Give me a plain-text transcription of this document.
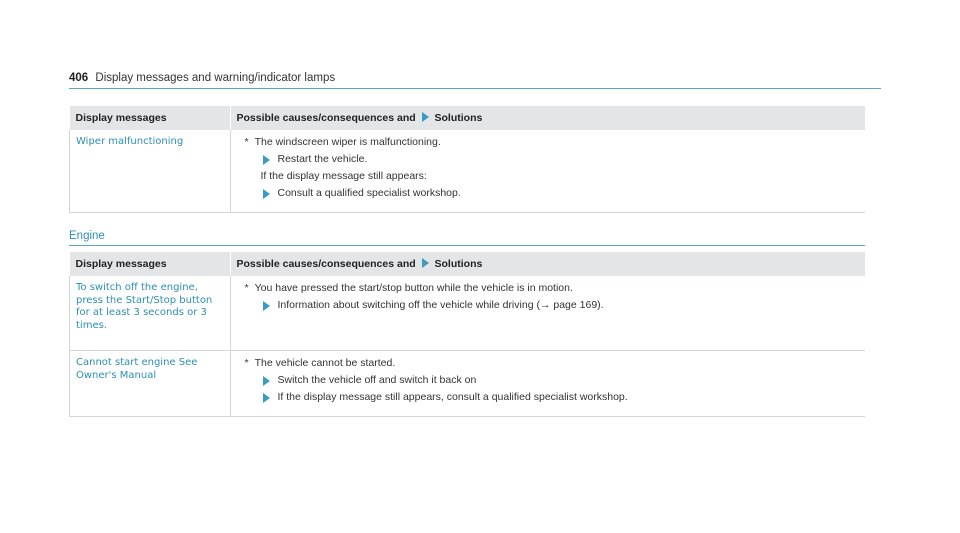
406 Display messages and warning/indicator lamps
Display messages	Possible causes/consequences and Solutions
Wiper malfunctioning	* The windscreen wiper is malfunctioning.
Restart the vehicle.
If the display message still appears:
Consult a qualified specialist workshop.
Engine
Display messages	Possible causes/consequences and Solutions
To switch off the engine, press the Start/Stop button for at least 3 seconds or 3 times.	* You have pressed the start/stop button while the vehicle is in motion.
Information about switching off the vehicle while driving (→ page 169).

Cannot start engine See Owner's Manual	* The vehicle cannot be started.
Switch the vehicle off and switch it back on
If the display message still appears, consult a qualified specialist workshop.
